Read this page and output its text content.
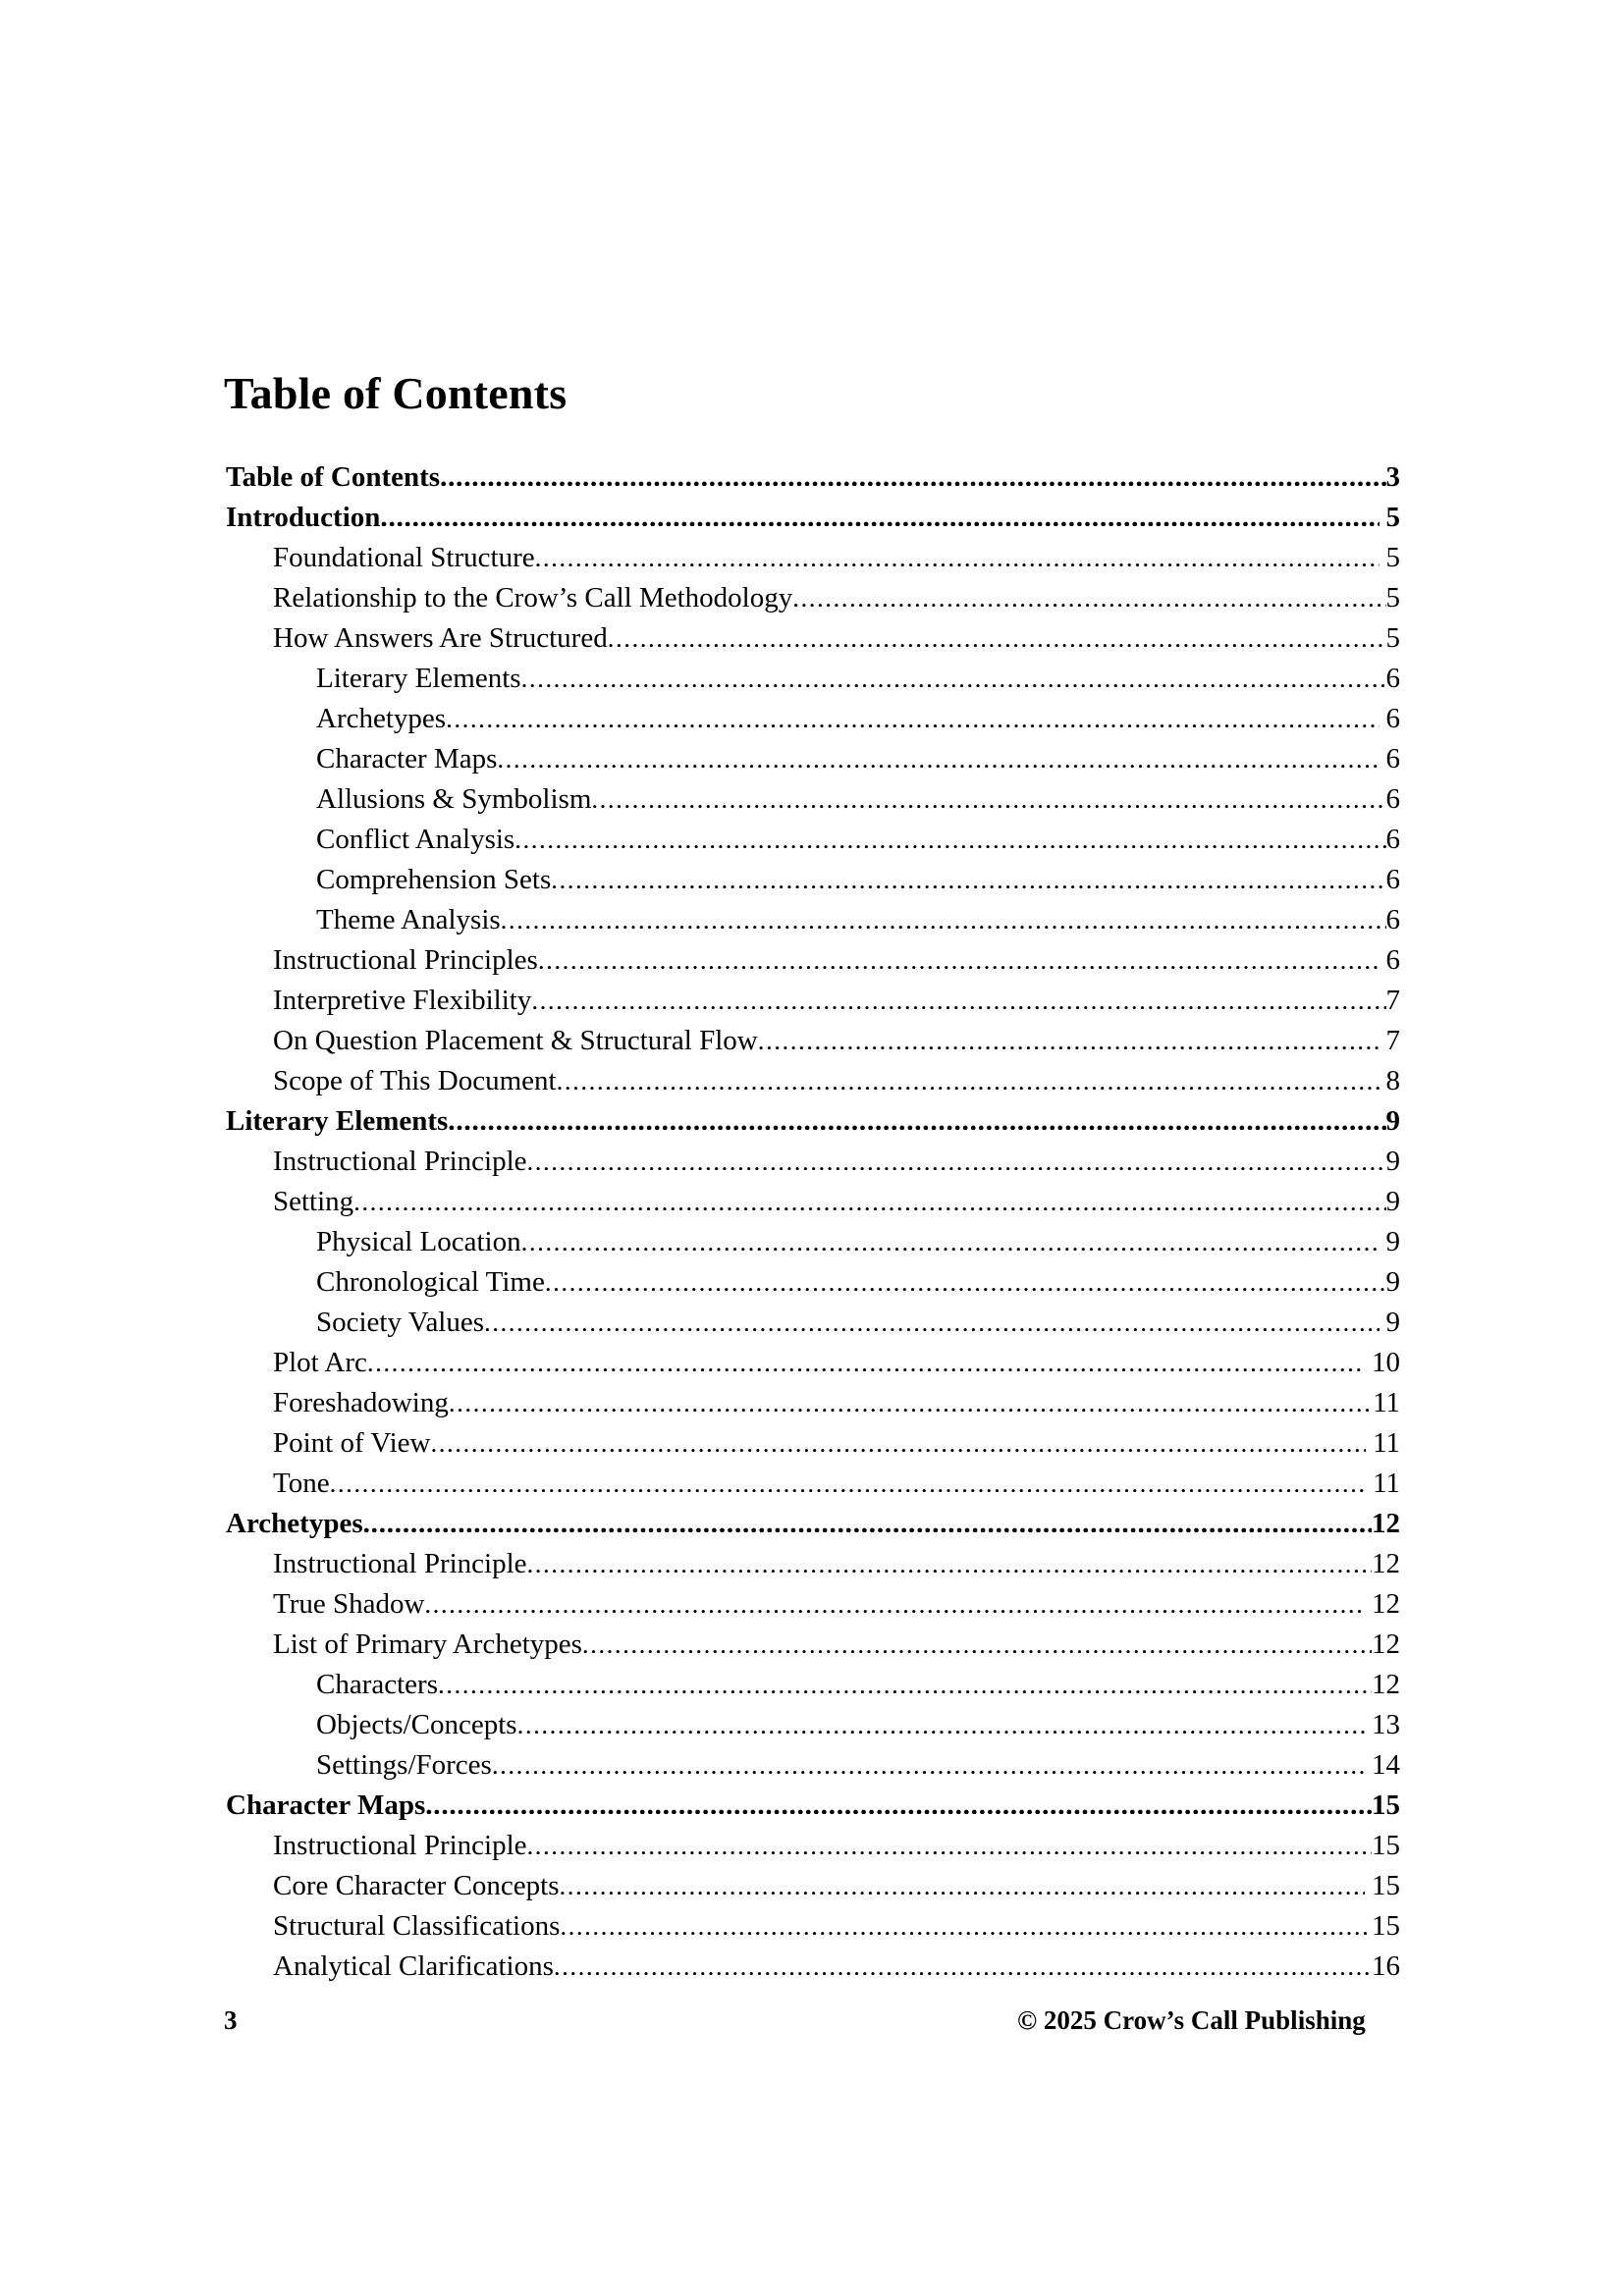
Table of Contents
Table of Contents .....	3
Introduction .....	5
Foundational Structure .....	5
Relationship to the Crow’s Call Methodology .....	5
How Answers Are Structured .....	5
Literary Elements .....	6
Archetypes .....	6
Character Maps .....	6
Allusions & Symbolism .....	6
Conflict Analysis .....	6
Comprehension Sets .....	6
Theme Analysis .....	6
Instructional Principles .....	6
Interpretive Flexibility .....	7
On Question Placement & Structural Flow .....	7
Scope of This Document .....	8
Literary Elements .....	9
Instructional Principle .....	9
Setting .....	9
Physical Location .....	9
Chronological Time .....	9
Society Values .....	9
Plot Arc .....	10
Foreshadowing .....	11
Point of View .....	11
Tone .....	11
Archetypes .....	12
Instructional Principle .....	12
True Shadow .....	12
List of Primary Archetypes .....	12
Characters .....	12
Objects/Concepts .....	13
Settings/Forces .....	14
Character Maps .....	15
Instructional Principle .....	15
Core Character Concepts .....	15
Structural Classifications .....	15
Analytical Clarifications .....	16
3	© 2025 Crow’s Call Publishing
